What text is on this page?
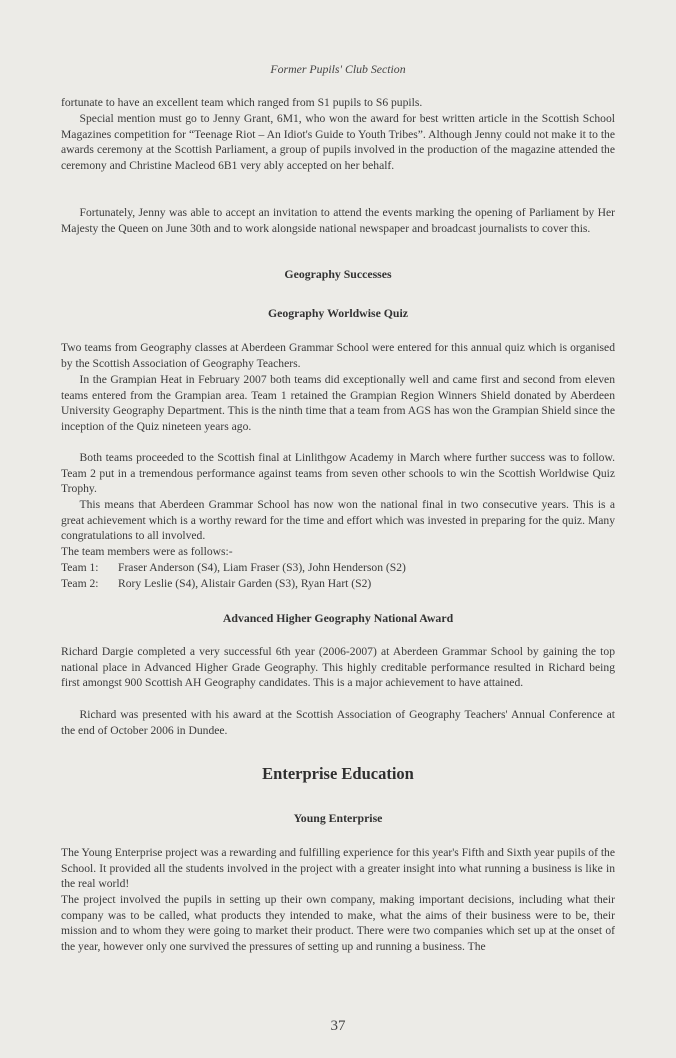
Former Pupils' Club Section

fortunate to have an excellent team which ranged from S1 pupils to S6 pupils.

Special mention must go to Jenny Grant, 6M1, who won the award for best written article in the Scottish School Magazines competition for “Teenage Riot – An Idiot's Guide to Youth Tribes”. Although Jenny could not make it to the awards ceremony at the Scottish Parliament, a group of pupils involved in the production of the magazine attended the ceremony and Christine Macleod 6B1 very ably accepted on her behalf.

Fortunately, Jenny was able to accept an invitation to attend the events marking the opening of Parliament by Her Majesty the Queen on June 30th and to work alongside national newspaper and broadcast journalists to cover this.

Geography Successes
Geography Worldwise Quiz

Two teams from Geography classes at Aberdeen Grammar School were entered for this annual quiz which is organised by the Scottish Association of Geography Teachers.

In the Grampian Heat in February 2007 both teams did exceptionally well and came first and second from eleven teams entered from the Grampian area. Team 1 retained the Grampian Region Winners Shield donated by Aberdeen University Geography Department. This is the ninth time that a team from AGS has won the Grampian Shield since the inception of the Quiz nineteen years ago.

Both teams proceeded to the Scottish final at Linlithgow Academy in March where further success was to follow. Team 2 put in a tremendous performance against teams from seven other schools to win the Scottish Worldwise Quiz Trophy.

This means that Aberdeen Grammar School has now won the national final in two consecutive years. This is a great achievement which is a worthy reward for the time and effort which was invested in preparing for the quiz. Many congratulations to all involved.

The team members were as follows:-
Team 1:	Fraser Anderson (S4), Liam Fraser (S3), John Henderson (S2)
Team 2:	Rory Leslie (S4), Alistair Garden (S3), Ryan Hart (S2)
Advanced Higher Geography National Award

Richard Dargie completed a very successful 6th year (2006-2007) at Aberdeen Grammar School by gaining the top national place in Advanced Higher Grade Geography. This highly creditable performance resulted in Richard being first amongst 900 Scottish AH Geography candidates. This is a major achievement to have attained.

Richard was presented with his award at the Scottish Association of Geography Teachers' Annual Conference at the end of October 2006 in Dundee.

Enterprise Education
Young Enterprise

The Young Enterprise project was a rewarding and fulfilling experience for this year's Fifth and Sixth year pupils of the School. It provided all the students involved in the project with a greater insight into what running a business is like in the real world!

The project involved the pupils in setting up their own company, making important decisions, including what their company was to be called, what products they intended to make, what the aims of their business were to be, their mission and to whom they were going to market their product. There were two companies which set up at the onset of the year, however only one survived the pressures of setting up and running a business. The

37
